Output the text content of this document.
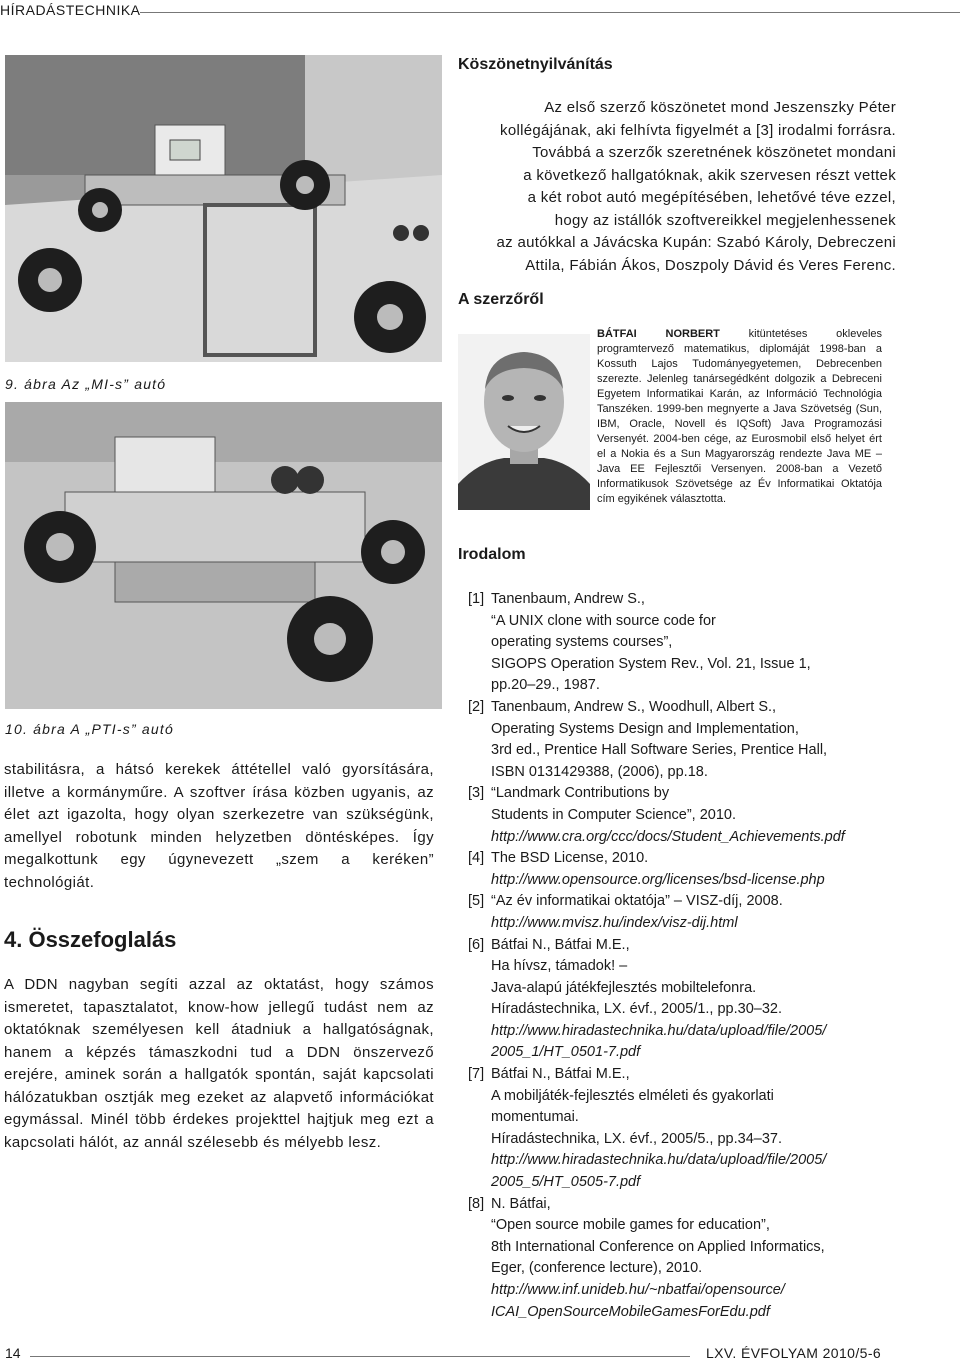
HÍRADÁSTECHNIKA
9. ábra Az „MI-s” autó
10. ábra A „PTI-s” autó

stabilitásra, a hátsó kerekek áttétellel való gyorsítására, illetve a kormányműre. A szoftver írása közben ugyanis, az élet azt igazolta, hogy olyan szerkezetre van szükségünk, amellyel robotunk minden helyzetben döntésképes. Így megalkottunk egy úgynevezett „szem a keréken” technológiát.

4. Összefoglalás

A DDN nagyban segíti azzal az oktatást, hogy számos ismeretet, tapasztalatot, know-how jellegű tudást nem az oktatóknak személyesen kell átadniuk a hallgatóságnak, hanem a képzés támaszkodni tud a DDN önszervező erejére, aminek során a hallgatók spontán, saját kapcsolati hálózatukban osztják meg ezeket az alapvető információkat egymással. Minél több érdekes projekttel hajtjuk meg ezt a kapcsolati hálót, az annál szélesebb és mélyebb lesz.

Köszönetnyilvánítás
Az első szerző köszönetet mond Jeszenszky Péter
kollégájának, aki felhívta figyelmét a [3] irodalmi forrásra.
Továbbá a szerzők szeretnének köszönetet mondani
a következő hallgatóknak, akik szervesen részt vettek
a két robot autó megépítésében, lehetővé téve ezzel,
hogy az istállók szoftvereikkel megjelenhessenek
az autókkal a Jávácska Kupán: Szabó Károly, Debreczeni
Attila, Fábián Ákos, Doszpoly Dávid és Veres Ferenc.
A szerzőről
BÁTFAI NORBERT kitüntetéses okleveles programtervező matematikus, diplomáját 1998-ban a Kossuth Lajos Tudományegyetemen, Debrecenben szerezte. Jelenleg tanársegédként dolgozik a Debreceni Egyetem Informatikai Karán, az Információ Technológia Tanszéken. 1999-ben megnyerte a Java Szövetség (Sun, IBM, Oracle, Novell és IQSoft) Java Programozási Versenyét. 2004-ben cége, az Eurosmobil első helyet ért el a Nokia és a Sun Magyarország rendezte Java ME – Java EE Fejlesztői Versenyen. 2008-ban a Vezető Informatikusok Szövetsége az Év Informatikai Oktatója cím egyikének választotta.
Irodalom
[1] Tanenbaum, Andrew S.,
“A UNIX clone with source code for
operating systems courses”,
SIGOPS Operation System Rev., Vol. 21, Issue 1,
pp.20–29., 1987.
[2] Tanenbaum, Andrew S., Woodhull, Albert S.,
Operating Systems Design and Implementation,
3rd ed., Prentice Hall Software Series, Prentice Hall,
ISBN 0131429388, (2006), pp.18.
[3] “Landmark Contributions by
Students in Computer Science”, 2010.
http://www.cra.org/ccc/docs/Student_Achievements.pdf
[4] The BSD License, 2010.
http://www.opensource.org/licenses/bsd-license.php
[5] “Az év informatikai oktatója” – VISZ-díj, 2008.
http://www.mvisz.hu/index/visz-dij.html
[6] Bátfai N., Bátfai M.E.,
Ha hívsz, támadok! –
Java-alapú játékfejlesztés mobiltelefonra.
Híradástechnika, LX. évf., 2005/1., pp.30–32.
http://www.hiradastechnika.hu/data/upload/file/2005/
2005_1/HT_0501-7.pdf
[7] Bátfai N., Bátfai M.E.,
A mobiljáték-fejlesztés elméleti és gyakorlati
momentumai.
Híradástechnika, LX. évf., 2005/5., pp.34–37.
http://www.hiradastechnika.hu/data/upload/file/2005/
2005_5/HT_0505-7.pdf
[8] N. Bátfai,
“Open source mobile games for education”,
8th International Conference on Applied Informatics,
Eger, (conference lecture), 2010.
http://www.inf.unideb.hu/~nbatfai/opensource/
ICAI_OpenSourceMobileGamesForEdu.pdf
14	LXV. ÉVFOLYAM 2010/5-6
